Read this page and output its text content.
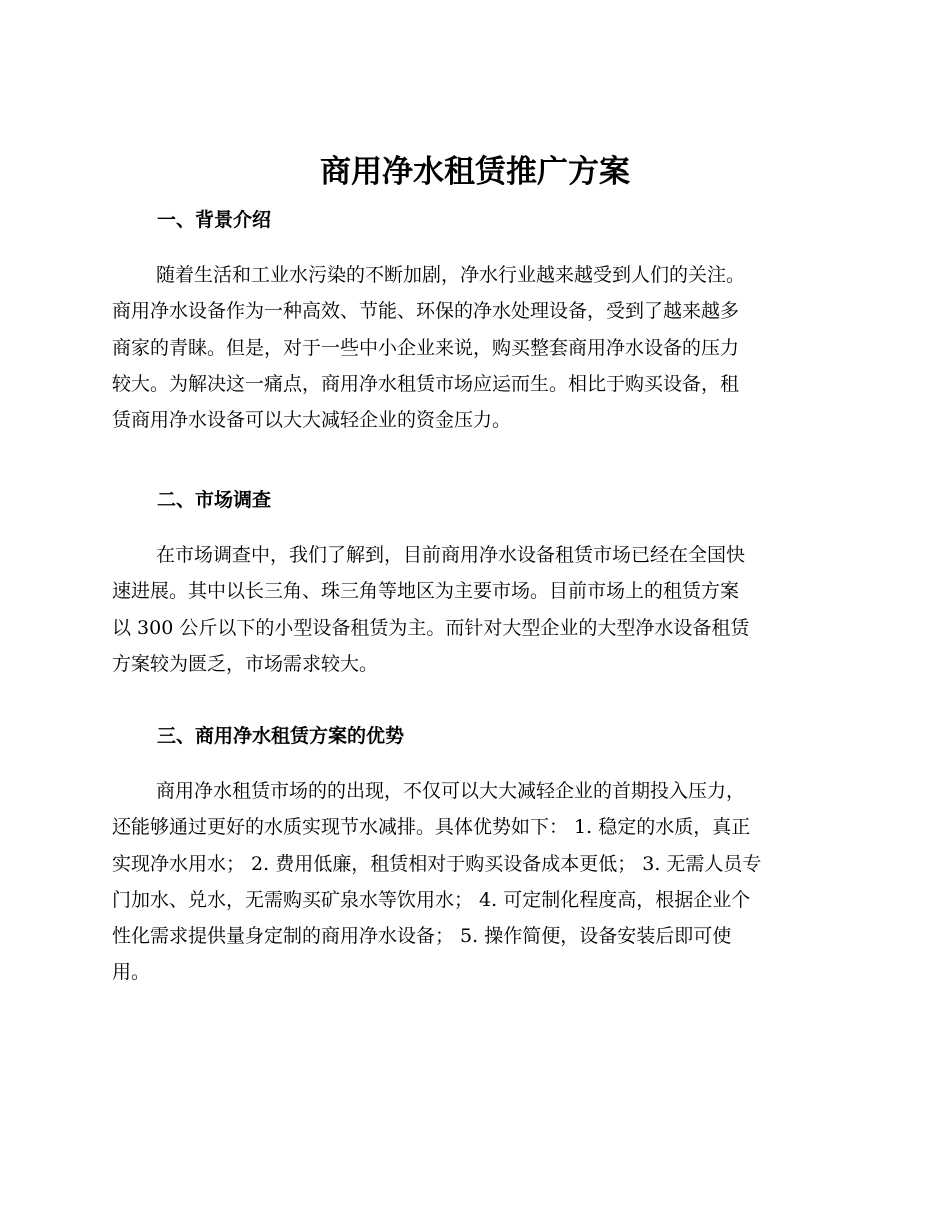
商用净水租赁推广方案
一、背景介绍

随着生活和工业水污染的不断加剧，净水行业越来越受到人们的关注。
商用净水设备作为一种高效、节能、环保的净水处理设备，受到了越来越多
商家的青睐。但是，对于一些中小企业来说，购买整套商用净水设备的压力
较大。为解决这一痛点，商用净水租赁市场应运而生。相比于购买设备，租
赁商用净水设备可以大大减轻企业的资金压力。

二、市场调查

在市场调查中，我们了解到，目前商用净水设备租赁市场已经在全国快
速进展。其中以长三角、珠三角等地区为主要市场。目前市场上的租赁方案
以 300 公斤以下的小型设备租赁为主。而针对大型企业的大型净水设备租赁
方案较为匮乏，市场需求较大。

三、商用净水租赁方案的优势

商用净水租赁市场的的出现，不仅可以大大减轻企业的首期投入压力，
还能够通过更好的水质实现节水减排。具体优势如下： 1. 稳定的水质，真正
实现净水用水； 2. 费用低廉，租赁相对于购买设备成本更低； 3. 无需人员专
门加水、兑水，无需购买矿泉水等饮用水； 4. 可定制化程度高，根据企业个
性化需求提供量身定制的商用净水设备； 5. 操作简便，设备安装后即可使
用。
